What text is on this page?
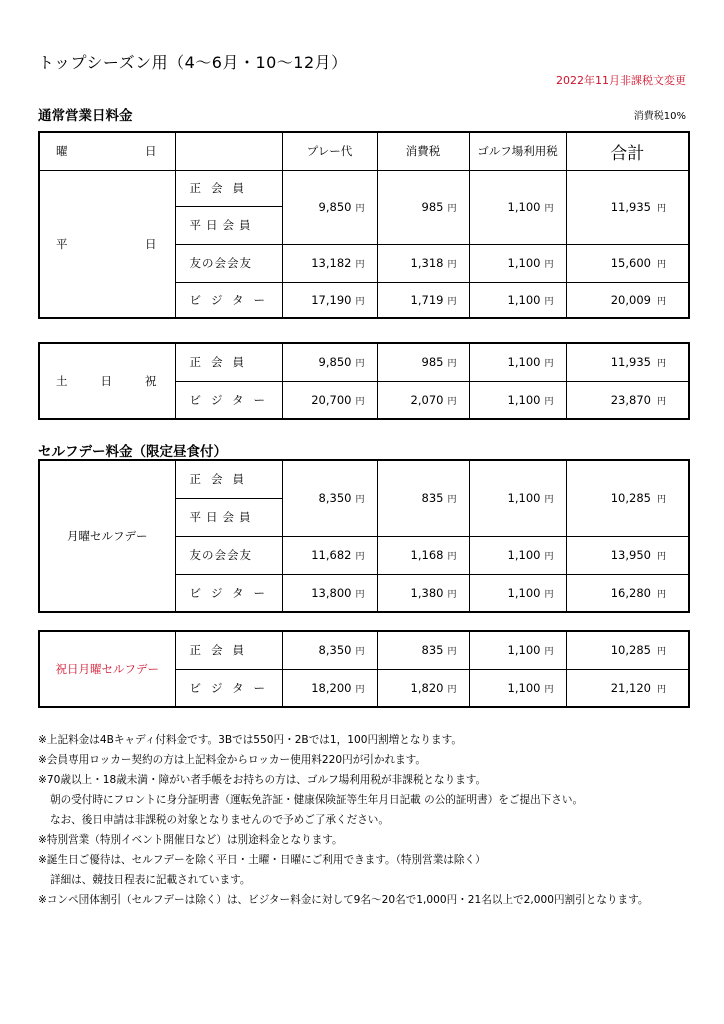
トップシーズン用（4～6月・10～12月）
2022年11月非課税文変更
通常営業日料金	消費税10%
曜 日		プレー代	消費税	ゴルフ場利用税	合計

平 日	正会員	9,850 円	985 円	1,100 円	11,935 円
	平日会員				
	友の会会友	13,182 円	1,318 円	1,100 円	15,600 円
	ビジター	17,190 円	1,719 円	1,100 円	20,009 円
土 日 祝	正会員	9,850 円	985 円	1,100 円	11,935 円
	ビジター	20,700 円	2,070 円	1,100 円	23,870 円
セルフデー料金（限定昼食付）
月曜セルフデー	正会員	8,350 円	835 円	1,100 円	10,285 円
	平日会員				
	友の会会友	11,682 円	1,168 円	1,100 円	13,950 円
	ビジター	13,800 円	1,380 円	1,100 円	16,280 円
祝日月曜セルフデー	正会員	8,350 円	835 円	1,100 円	10,285 円
	ビジター	18,200 円	1,820 円	1,100 円	21,120 円
※上記料金は4Bキャディ付料金です。3Bでは550円・2Bでは1，100円割増となります。
※会員専用ロッカー契約の方は上記料金からロッカー使用料220円が引かれます。
※70歳以上・18歳未満・障がい者手帳をお持ちの方は、ゴルフ場利用税が非課税となります。
朝の受付時にフロントに身分証明書（運転免許証・健康保険証等生年月日記載 の公的証明書）をご提出下さい。
なお、後日申請は非課税の対象となりませんので予めご了承ください。
※特別営業（特別イベント開催日など）は別途料金となります。
※誕生日ご優待は、セルフデーを除く平日・土曜・日曜にご利用できます。（特別営業は除く）
詳細は、競技日程表に記載されています。
※コンペ団体割引（セルフデーは除く）は、ビジター料金に対して9名～20名で1,000円・21名以上で2,000円割引となります。
